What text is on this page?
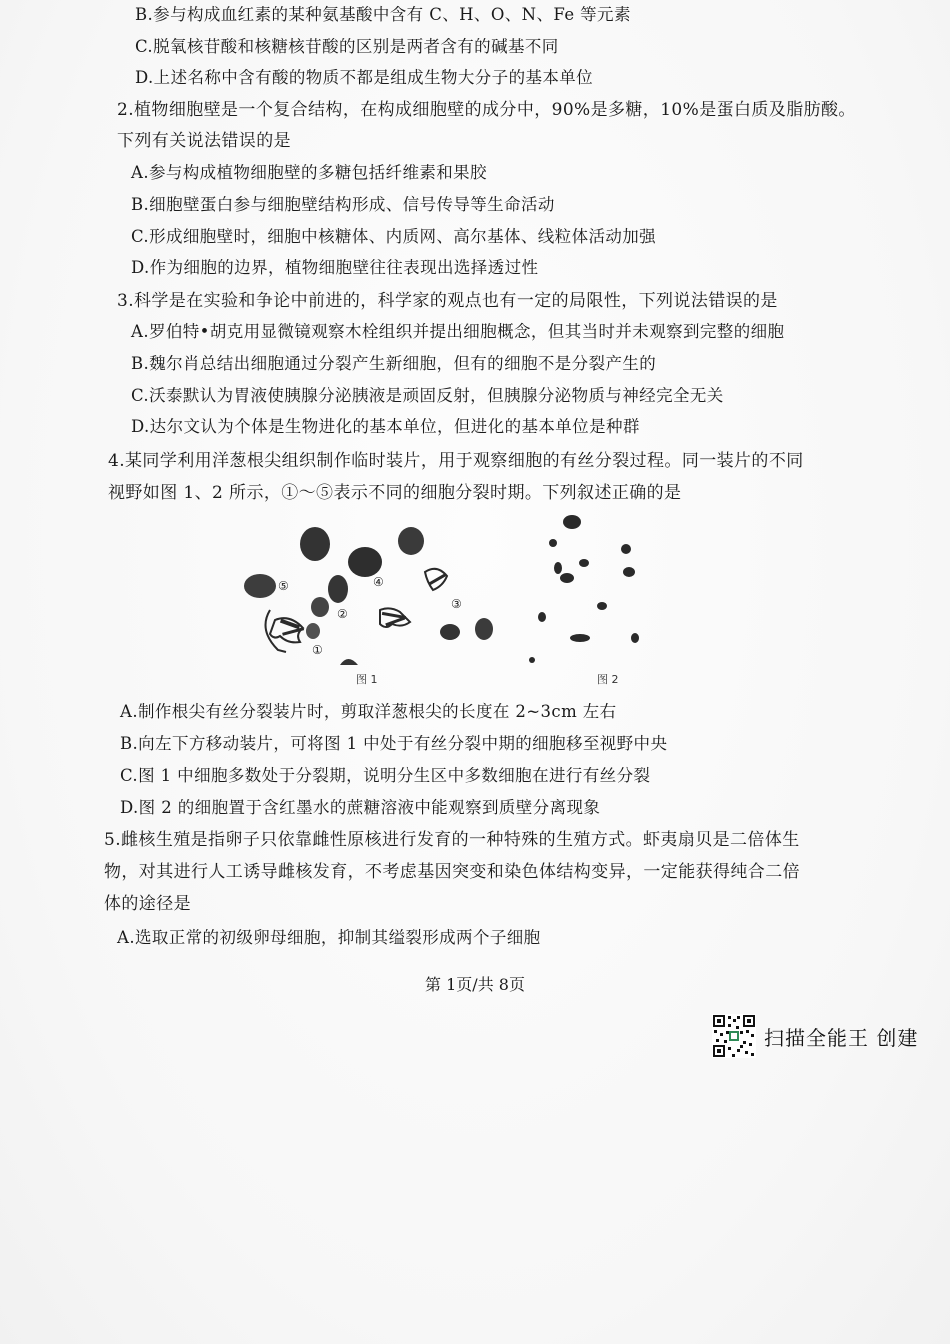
B.参与构成血红素的某种氨基酸中含有 C、H、O、N、Fe 等元素
C.脱氧核苷酸和核糖核苷酸的区别是两者含有的碱基不同
D.上述名称中含有酸的物质不都是组成生物大分子的基本单位
2.植物细胞壁是一个复合结构，在构成细胞壁的成分中，90%是多糖，10%是蛋白质及脂肪酸。
下列有关说法错误的是
A.参与构成植物细胞壁的多糖包括纤维素和果胶
B.细胞壁蛋白参与细胞壁结构形成、信号传导等生命活动
C.形成细胞壁时，细胞中核糖体、内质网、高尔基体、线粒体活动加强
D.作为细胞的边界，植物细胞壁往往表现出选择透过性
3.科学是在实验和争论中前进的，科学家的观点也有一定的局限性，下列说法错误的是
A.罗伯特•胡克用显微镜观察木栓组织并提出细胞概念，但其当时并未观察到完整的细胞
B.魏尔肖总结出细胞通过分裂产生新细胞，但有的细胞不是分裂产生的
C.沃泰默认为胃液使胰腺分泌胰液是顽固反射，但胰腺分泌物质与神经完全无关
D.达尔文认为个体是生物进化的基本单位，但进化的基本单位是种群
4.某同学利用洋葱根尖组织制作临时装片，用于观察细胞的有丝分裂过程。同一装片的不同
视野如图 1、2 所示，①～⑤表示不同的细胞分裂时期。下列叙述正确的是
⑤	④
②
③
①
图 1	图 2
A.制作根尖有丝分裂装片时，剪取洋葱根尖的长度在 2~3cm 左右
B.向左下方移动装片，可将图 1 中处于有丝分裂中期的细胞移至视野中央
C.图 1 中细胞多数处于分裂期，说明分生区中多数细胞在进行有丝分裂
D.图 2 的细胞置于含红墨水的蔗糖溶液中能观察到质壁分离现象
5.雌核生殖是指卵子只依靠雌性原核进行发育的一种特殊的生殖方式。虾夷扇贝是二倍体生
物，对其进行人工诱导雌核发育，不考虑基因突变和染色体结构变异，一定能获得纯合二倍
体的途径是
A.选取正常的初级卵母细胞，抑制其缢裂形成两个子细胞
第 1页/共 8页
扫描全能王 创建
